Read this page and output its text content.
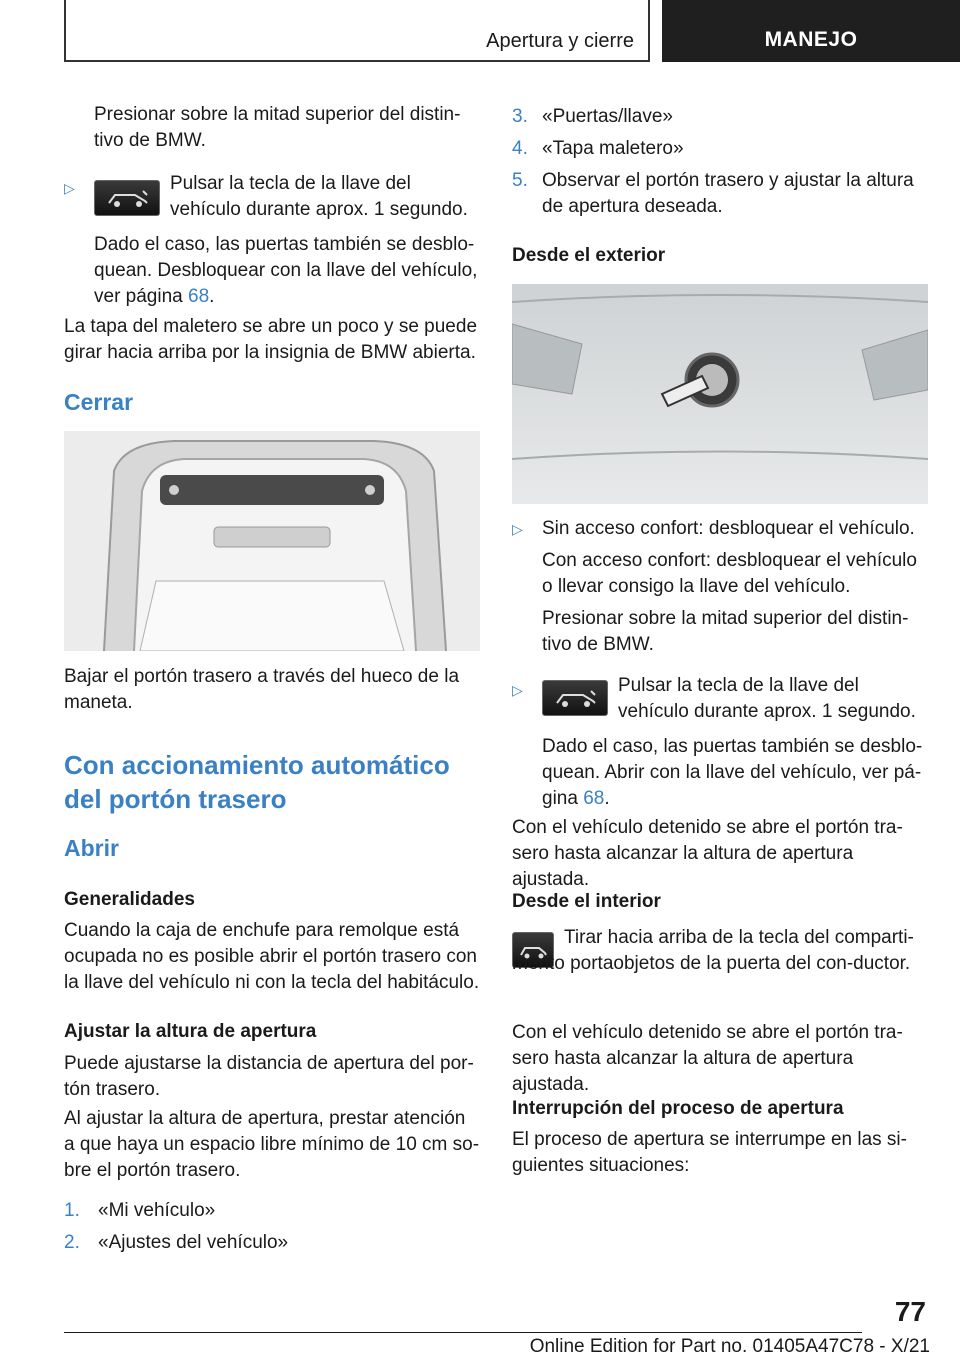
Apertura y cierre	MANEJO

Presionar sobre la mitad superior del distin-tivo de BMW.

▷	Pulsar la tecla de la llave del vehículo durante aprox. 1 segundo.

Dado el caso, las puertas también se desblo-quean. Desbloquear con la llave del vehículo, ver página 68.

La tapa del maletero se abre un poco y se puede girar hacia arriba por la insignia de BMW abierta.

Cerrar

Bajar el portón trasero a través del hueco de la maneta.

Con accionamiento automático del portón trasero
Abrir
Generalidades

Cuando la caja de enchufe para remolque está ocupada no es posible abrir el portón trasero con la llave del vehículo ni con la tecla del habitáculo.

Ajustar la altura de apertura

Puede ajustarse la distancia de apertura del por-tón trasero.

Al ajustar la altura de apertura, prestar atención a que haya un espacio libre mínimo de 10 cm so-bre el portón trasero.

1. «Mi vehículo»
2. «Ajustes del vehículo»
3. «Puertas/llave»
4. «Tapa maletero»
5. Observar el portón trasero y ajustar la altura de apertura deseada.

Desde el exterior
▷ Sin acceso confort: desbloquear el vehículo.

Con acceso confort: desbloquear el vehículo o llevar consigo la llave del vehículo.

Presionar sobre la mitad superior del distin-tivo de BMW.

▷	Pulsar la tecla de la llave del vehículo durante aprox. 1 segundo.

Dado el caso, las puertas también se desblo-quean. Abrir con la llave del vehículo, ver pá-gina 68.

Con el vehículo detenido se abre el portón tra-sero hasta alcanzar la altura de apertura ajustada.

Desde el interior

Tirar hacia arriba de la tecla del comparti-mento portaobjetos de la puerta del con-ductor.

Con el vehículo detenido se abre el portón tra-sero hasta alcanzar la altura de apertura ajustada.

Interrupción del proceso de apertura

El proceso de apertura se interrumpe en las si-guientes situaciones:

77
Online Edition for Part no. 01405A47C78 - X/21
